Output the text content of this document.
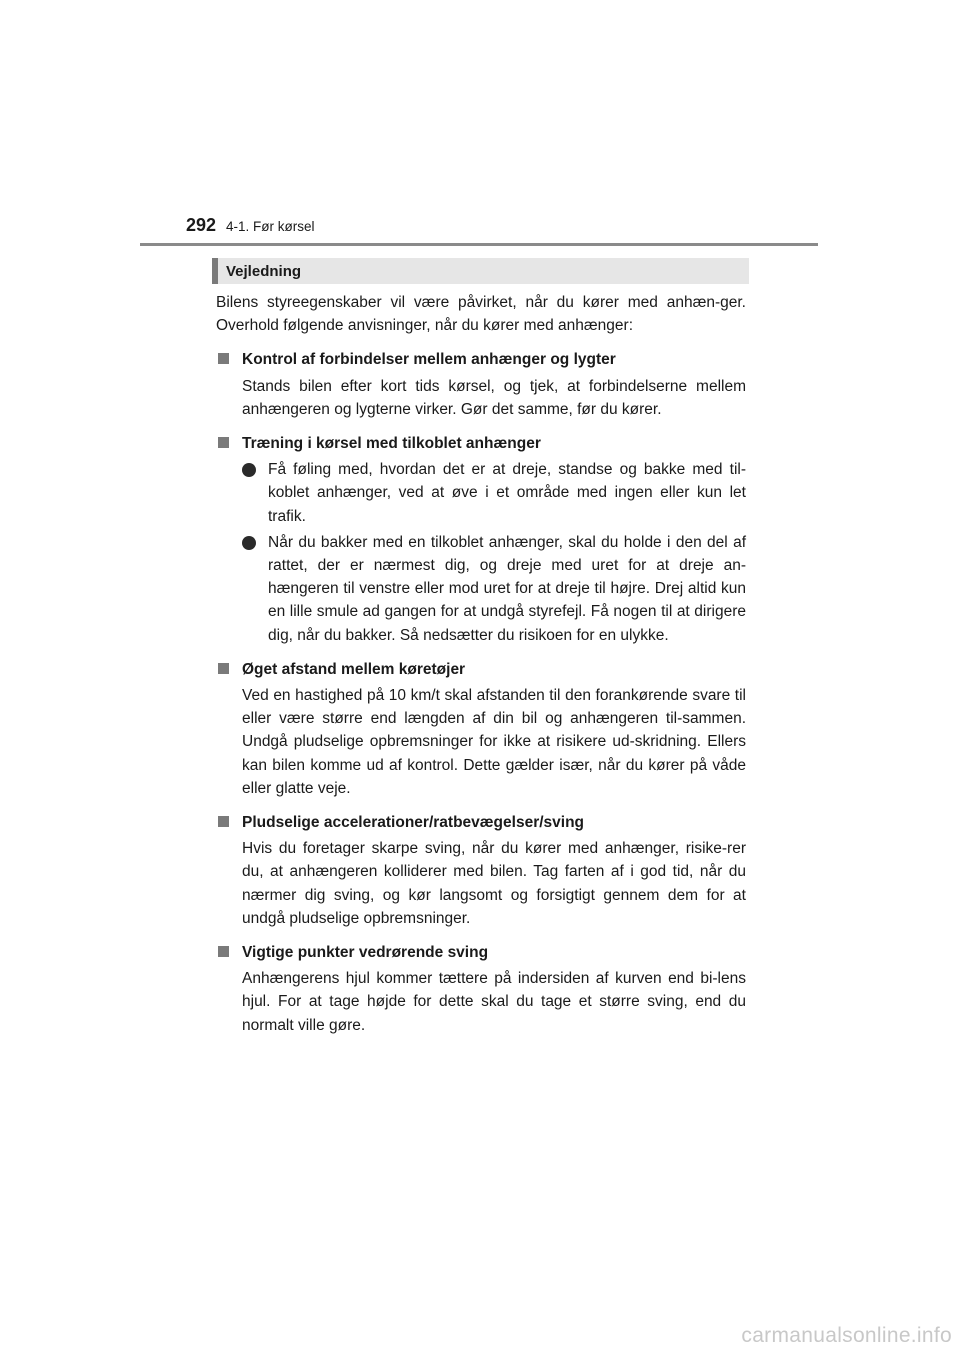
292 4-1. Før kørsel
Vejledning

Bilens styreegenskaber vil være påvirket, når du kører med anhæn-ger. Overhold følgende anvisninger, når du kører med anhænger:

Kontrol af forbindelser mellem anhænger og lygter

Stands bilen efter kort tids kørsel, og tjek, at forbindelserne mellem anhængeren og lygterne virker. Gør det samme, før du kører.

Træning i kørsel med tilkoblet anhænger

Få føling med, hvordan det er at dreje, standse og bakke med til-koblet anhænger, ved at øve i et område med ingen eller kun let trafik.

Når du bakker med en tilkoblet anhænger, skal du holde i den del af rattet, der er nærmest dig, og dreje med uret for at dreje an-hængeren til venstre eller mod uret for at dreje til højre. Drej altid kun en lille smule ad gangen for at undgå styrefejl. Få nogen til at dirigere dig, når du bakker. Så nedsætter du risikoen for en ulykke.

Øget afstand mellem køretøjer

Ved en hastighed på 10 km/t skal afstanden til den forankørende svare til eller være større end længden af din bil og anhængeren til-sammen. Undgå pludselige opbremsninger for ikke at risikere ud-skridning. Ellers kan bilen komme ud af kontrol. Dette gælder især, når du kører på våde eller glatte veje.

Pludselige accelerationer/ratbevægelser/sving

Hvis du foretager skarpe sving, når du kører med anhænger, risike-rer du, at anhængeren kolliderer med bilen. Tag farten af i god tid, når du nærmer dig sving, og kør langsomt og forsigtigt gennem dem for at undgå pludselige opbremsninger.

Vigtige punkter vedrørende sving

Anhængerens hjul kommer tættere på indersiden af kurven end bi-lens hjul. For at tage højde for dette skal du tage et større sving, end du normalt ville gøre.

carmanualsonline.info
